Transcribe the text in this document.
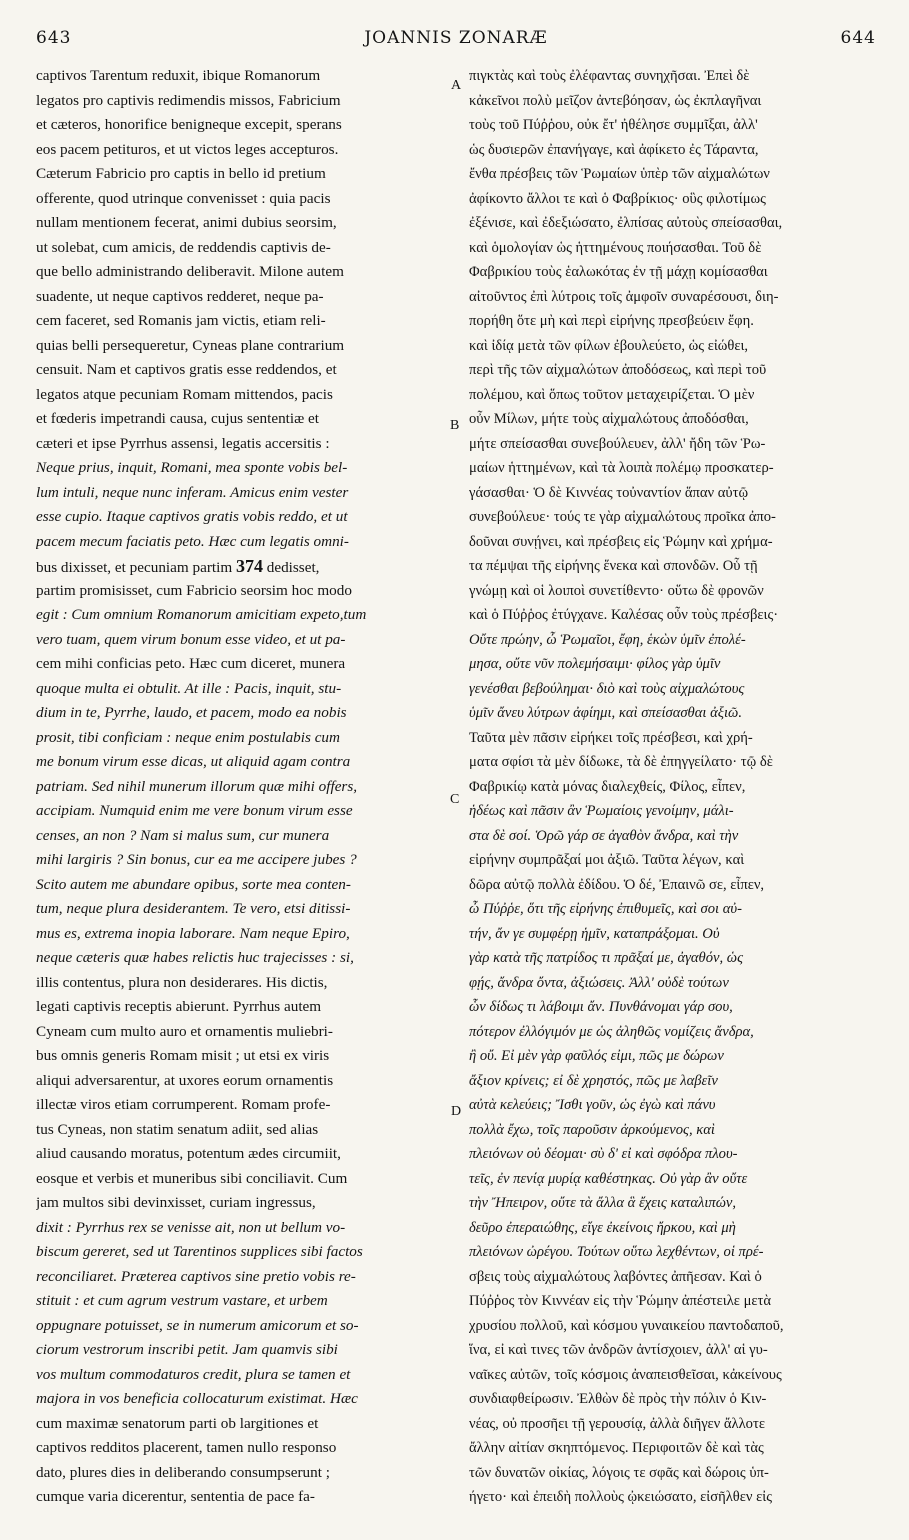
643	JOANNIS ZONARÆ	644
captivos Tarentum reduxit, ibique Romanorum
legatos pro captivis redimendis missos, Fabricium
et cæteros, honorifice benigneque excepit, sperans
eos pacem petituros, et ut victos leges accepturos.
Cæterum Fabricio pro captis in bello id pretium
offerente, quod utrinque convenisset : quia pacis
nullam mentionem fecerat, animi dubius seorsim,
ut solebat, cum amicis, de reddendis captivis de-
que bello administrando deliberavit. Milone autem
suadente, ut neque captivos redderet, neque pa-
cem faceret, sed Romanis jam victis, etiam reli-
quias belli persequeretur, Cyneas plane contrarium
censuit. Nam et captivos gratis esse reddendos, et
legatos atque pecuniam Romam mittendos, pacis
et fœderis impetrandi causa, cujus sententiæ et
cæteri et ipse Pyrrhus assensi, legatis accersitis :
Neque prius, inquit, Romani, mea sponte vobis bel-
lum intuli, neque nunc inferam. Amicus enim vester
esse cupio. Itaque captivos gratis vobis reddo, et ut
pacem mecum faciatis peto. Hæc cum legatis omni-
bus dixisset, et pecuniam partim 374 dedisset,
partim promisisset, cum Fabricio seorsim hoc modo
egit : Cum omnium Romanorum amicitiam expeto,tum
vero tuam, quem virum bonum esse video, et ut pa-
cem mihi conficias peto. Hæc cum diceret, munera
quoque multa ei obtulit. At ille : Pacis, inquit, stu-
dium in te, Pyrrhe, laudo, et pacem, modo ea nobis
prosit, tibi conficiam : neque enim postulabis cum
me bonum virum esse dicas, ut aliquid agam contra
patriam. Sed nihil munerum illorum quæ mihi offers,
accipiam. Numquid enim me vere bonum virum esse
censes, an non ? Nam si malus sum, cur munera
mihi largiris ? Sin bonus, cur ea me accipere jubes ?
Scito autem me abundare opibus, sorte mea conten-
tum, neque plura desiderantem. Te vero, etsi ditissi-
mus es, extrema inopia laborare. Nam neque Epiro,
neque cæteris quæ habes relictis huc trajecisses : si,
illis contentus, plura non desiderares. His dictis,
legati captivis receptis abierunt. Pyrrhus autem
Cyneam cum multo auro et ornamentis muliebri-
bus omnis generis Romam misit ; ut etsi ex viris
aliqui adversarentur, at uxores eorum ornamentis
illectæ viros etiam corrumperent. Romam profe-
tus Cyneas, non statim senatum adiit, sed alias
aliud causando moratus, potentum ædes circumiit,
eosque et verbis et muneribus sibi conciliavit. Cum
jam multos sibi devinxisset, curiam ingressus,
dixit : Pyrrhus rex se venisse ait, non ut bellum vo-
biscum gereret, sed ut Tarentinos supplices sibi factos
reconciliaret. Præterea captivos sine pretio vobis re-
stituit : et cum agrum vestrum vastare, et urbem
oppugnare potuisset, se in numerum amicorum et so-
ciorum vestrorum inscribi petit. Jam quamvis sibi
vos multum commodaturos credit, plura se tamen et
majora in vos beneficia collocaturum existimat. Hæc
cum maximæ senatorum parti ob largitiones et
captivos redditos placerent, tamen nullo responso
dato, plures dies in deliberando consumpserunt ;
cumque varia dicerentur, sententia de pace fa-
πιγκτὰς καὶ τοὺς ἐλέφαντας συνηχῆσαι. Ἐπεὶ δὲ
κἀκεῖνοι πολὺ μεῖζον ἀντεβόησαν, ὡς ἐκπλαγῆναι
τοὺς τοῦ Πύῤῥου, οὐκ ἔτ' ἠθέλησε συμμῖξαι, ἀλλ'
ὡς δυσιερῶν ἐπανήγαγε, καὶ ἀφίκετο ἐς Τάραντα,
ἔνθα πρέσβεις τῶν Ῥωμαίων ὑπὲρ τῶν αἰχμαλώτων
ἀφίκοντο ἄλλοι τε καὶ ὁ Φαβρίκιος· οὓς φιλοτίμως
ἐξένισε, καὶ ἐδεξιώσατο, ἐλπίσας αὐτοὺς σπείσασθαι,
καὶ ὁμολογίαν ὡς ἡττημένους ποιήσασθαι. Τοῦ δὲ
Φαβρικίου τοὺς ἑαλωκότας ἐν τῇ μάχῃ κομίσασθαι
αἰτοῦντος ἐπὶ λύτροις τοῖς ἀμφοῖν συναρέσουσι, διη-
πορήθη ὅτε μὴ καὶ περὶ εἰρήνης πρεσβεύειν ἔφη.
καὶ ἰδίᾳ μετὰ τῶν φίλων ἐβουλεύετο, ὡς εἰώθει,
περὶ τῆς τῶν αἰχμαλώτων ἀποδόσεως, καὶ περὶ τοῦ
πολέμου, καὶ ὅπως τοῦτον μεταχειρίζεται. Ὁ μὲν
οὖν Μίλων, μήτε τοὺς αἰχμαλώτους ἀποδόσθαι,
μήτε σπείσασθαι συνεβούλευεν, ἀλλ' ἤδη τῶν Ῥω-
μαίων ἡττημένων, καὶ τὰ λοιπὰ πολέμῳ προσκατερ-
γάσασθαι· Ὁ δὲ Κιννέας τοὐναντίον ἅπαν αὐτῷ
συνεβούλευε· τούς τε γὰρ αἰχμαλώτους προῖκα ἀπο-
δοῦναι συνῄνει, καὶ πρέσβεις εἰς Ῥώμην καὶ χρήμα-
τα πέμψαι τῆς εἰρήνης ἕνεκα καὶ σπονδῶν. Οὗ τῇ
γνώμῃ καὶ οἱ λοιποὶ συνετίθεντο· οὕτω δὲ φρονῶν
καὶ ὁ Πύῤῥος ἐτύγχανε. Καλέσας οὖν τοὺς πρέσβεις·
Οὔτε πρώην, ὦ Ῥωμαῖοι, ἔφη, ἑκὼν ὑμῖν ἐπολέ-
μησα, οὔτε νῦν πολεμήσαιμι· φίλος γὰρ ὑμῖν
γενέσθαι βεβούλημαι· διὸ καὶ τοὺς αἰχμαλώτους
ὑμῖν ἄνευ λύτρων ἀφίημι, καὶ σπείσασθαι ἀξιῶ.
Ταῦτα μὲν πᾶσιν εἰρήκει τοῖς πρέσβεσι, καὶ χρή-
ματα σφίσι τὰ μὲν δίδωκε, τὰ δὲ ἐπηγγείλατο· τῷ δὲ
Φαβρικίῳ κατὰ μόνας διαλεχθείς, Φίλος, εἶπεν,
ἡδέως καὶ πᾶσιν ἂν Ῥωμαίοις γενοίμην, μάλι-
στα δὲ σοί. Ὁρῶ γάρ σε ἀγαθὸν ἄνδρα, καὶ τὴν
εἰρήνην συμπρᾶξαί μοι ἀξιῶ. Ταῦτα λέγων, καὶ
δῶρα αὐτῷ πολλὰ ἐδίδου. Ὁ δέ, Ἐπαινῶ σε, εἶπεν,
ὦ Πύῤῥε, ὅτι τῆς εἰρήνης ἐπιθυμεῖς, καὶ σοι αὐ-
τήν, ἄν γε συμφέρῃ ἡμῖν, καταπράξομαι. Οὐ
γὰρ κατὰ τῆς πατρίδος τι πρᾶξαί με, ἀγαθόν, ὡς
φῄς, ἄνδρα ὄντα, ἀξιώσεις. Ἀλλ' οὐδὲ τούτων
ὧν δίδως τι λάβοιμι ἄν. Πυνθάνομαι γάρ σου,
πότερον ἐλλόγιμόν με ὡς ἀληθῶς νομίζεις ἄνδρα,
ἢ οὔ. Εἰ μὲν γὰρ φαῦλός εἰμι, πῶς με δώρων
ἄξιον κρίνεις; εἰ δὲ χρηστός, πῶς με λαβεῖν
αὐτὰ κελεύεις; Ἴσθι γοῦν, ὡς ἐγὼ καὶ πάνυ
πολλὰ ἔχω, τοῖς παροῦσιν ἀρκούμενος, καὶ
πλειόνων οὐ δέομαι· σὺ δ' εἰ καὶ σφόδρα πλου-
τεῖς, ἐν πενίᾳ μυρίᾳ καθέστηκας. Οὐ γὰρ ἂν οὔτε
τὴν Ἤπειρον, οὔτε τὰ ἄλλα ἃ ἔχεις καταλιπών,
δεῦρο ἐπεραιώθης, εἴγε ἐκείνοις ἤρκου, καὶ μὴ
πλειόνων ὠρέγου. Τούτων οὕτω λεχθέντων, οἱ πρέ-
σβεις τοὺς αἰχμαλώτους λαβόντες ἀπῆεσαν. Καὶ ὁ
Πύῤῥος τὸν Κιννέαν εἰς τὴν Ῥώμην ἀπέστειλε μετὰ
χρυσίου πολλοῦ, καὶ κόσμου γυναικείου παντοδαποῦ,
ἵνα, εἰ καὶ τινες τῶν ἀνδρῶν ἀντίσχοιεν, ἀλλ' αἱ γυ-
ναῖκες αὐτῶν, τοῖς κόσμοις ἀναπεισθεῖσαι, κἀκείνους
συνδιαφθείρωσιν. Ἐλθὼν δὲ πρὸς τὴν πόλιν ὁ Κιν-
νέας, οὐ προσῆει τῇ γερουσίᾳ, ἀλλὰ διῆγεν ἄλλοτε
ἄλλην αἰτίαν σκηπτόμενος. Περιφοιτῶν δὲ καὶ τὰς
τῶν δυνατῶν οἰκίας, λόγοις τε σφᾶς καὶ δώροις ὑπ-
ήγετο· καὶ ἐπειδὴ πολλοὺς ᾠκειώσατο, εἰσῆλθεν εἰς
A
B
C
D
